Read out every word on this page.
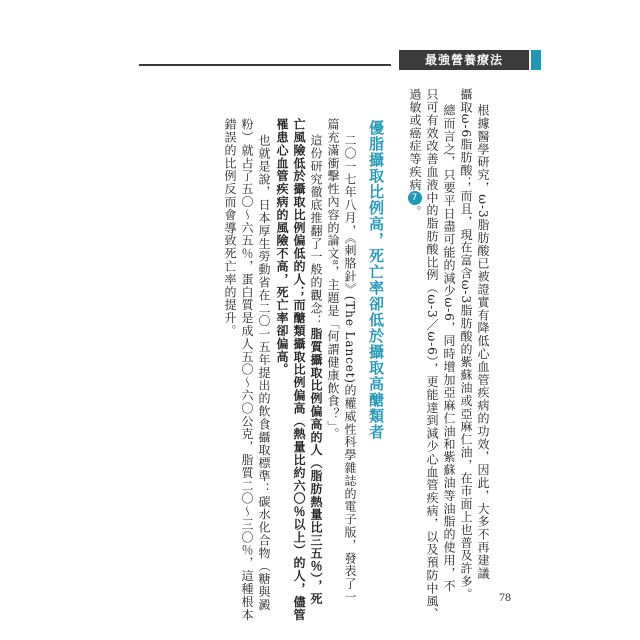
最強營養療法
根據醫學研究，ω-3脂肪酸已被證實有降低心血管疾病的功效，因此，大多不再建議
攝取ω-6脂肪酸；而且，現在富含ω-3脂肪酸的紫蘇油或亞麻仁油，在市面上也普及許多。
總而言之，只要平日盡可能的減少ω-6，同時增加亞麻仁油和紫蘇油等油脂的使用，不
只可有效改善血液中的脂肪酸比例（ω-3／ω-6），更能達到減少心血管疾病，以及預防中風、
過敏或癌症等疾病7。
優脂攝取比例高，死亡率卻低於攝取高醣類者
二〇一七年八月，《刺胳針》(The Lancet)的權威性科學雜誌的電子版，發表了一
篇充滿衝擊性內容的論文⁸，主題是「何謂健康飲食？」。
這份研究徹底推翻了一般的觀念：脂質攝取比例偏高的人（脂肪熱量比三五％），死
亡風險低於攝取比例偏低的人；而醣類攝取比例偏高（熱量比約六〇％以上）的人，儘管
罹患心血管疾病的風險不高，死亡率卻偏高。
也就是說，日本厚生勞動省在二〇一五年提出的飲食攝取標準：碳水化合物（糖與澱
粉）就占了五〇～六五％，蛋白質是成人五〇～六〇公克，脂質二〇～三〇％，這種根本
錯誤的比例反而會導致死亡率的提升。
78
